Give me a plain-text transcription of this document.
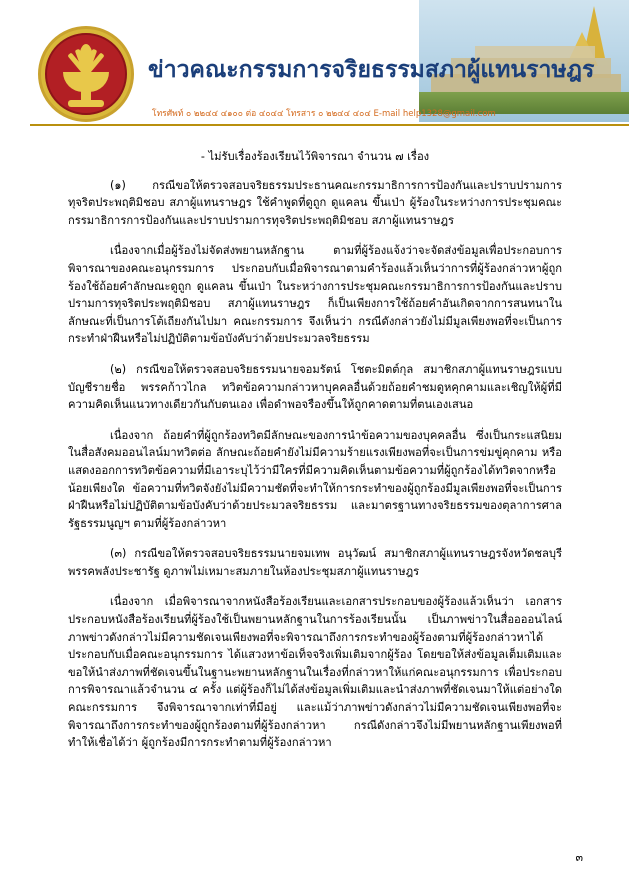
ข่าวคณะกรรมการจริยธรรมสภาผู้แทนราษฎร
โทรศัพท์ ๐ ๒๒๔๔ ๔๑๐๐ ต่อ ๔๐๔๔ โทรสาร ๐ ๒๒๔๔ ๔๐๔ E-mail help1328@gmail.com
- ไม่รับเรื่องร้องเรียนไว้พิจารณา จำนวน ๗ เรื่อง

(๑) กรณีขอให้ตรวจสอบจริยธรรมประธานคณะกรรมาธิการการป้องกันและปราบปรามการทุจริตประพฤติมิชอบ สภาผู้แทนราษฎร ใช้คำพูดที่ดูถูก ดูแคลน ขึ้นเป่า ผู้ร้องในระหว่างการประชุมคณะกรรมาธิการการป้องกันและปราบปรามการทุจริตประพฤติมิชอบ สภาผู้แทนราษฎร

เนื่องจากเมื่อผู้ร้องไม่จัดส่งพยานหลักฐาน ตามที่ผู้ร้องแจ้งว่าจะจัดส่งข้อมูลเพื่อประกอบการพิจารณาของคณะอนุกรรมการ ประกอบกับเมื่อพิจารณาตามคำร้องแล้วเห็นว่าการที่ผู้ร้องกล่าวหาผู้ถูกร้องใช้ถ้อยคำลักษณะดูถูก ดูแคลน ขึ้นเป่า ในระหว่างการประชุมคณะกรรมาธิการการป้องกันและปราบปรามการทุจริตประพฤติมิชอบ สภาผู้แทนราษฎร ก็เป็นเพียงการใช้ถ้อยคำอันเกิดจากการสนทนาในลักษณะที่เป็นการโต้เถียงกันไปมา คณะกรรมการ จึงเห็นว่า กรณีดังกล่าวยังไม่มีมูลเพียงพอที่จะเป็นการกระทำฝ่าฝืนหรือไม่ปฏิบัติตามข้อบังคับว่าด้วยประมวลจริยธรรม

(๒) กรณีขอให้ตรวจสอบจริยธรรมนายจอมรัตน์ โชตะมิตต์กุล สมาชิกสภาผู้แทนราษฎรแบบบัญชีรายชื่อ พรรคก้าวไกล ทวิตข้อความกล่าวหาบุคคลอื่นด้วยถ้อยคำชมดูหคุกคามและเชิญให้ผู้ที่มีความคิดเห็นแนวทางเดียวกันกับตนเอง เพื่อดำพอจรืองขึ้นให้ถูกคาดตามที่ตนเองเสนอ

เนื่องจาก ถ้อยคำที่ผู้ถูกร้องทวิตมีลักษณะของการนำข้อความของบุคคลอื่น ซึ่งเป็นกระแสนิยมในสื่อสังคมออนไลน์มาทวิตต่อ ลักษณะถ้อยคำยังไม่มีความร้ายแรงเพียงพอที่จะเป็นการข่มขู่คุกคาม หรือแสดงออกการทวิตข้อความที่มีเอาระบุไว้ว่ามีใครที่มีความคิดเห็นตามข้อความที่ผู้ถูกร้องได้ทวิตจากหรือน้อยเพียงใด ข้อความที่ทวิตจังยังไม่มีความชัดที่จะทำให้การกระทำของผู้ถูกร้องมีมูลเพียงพอที่จะเป็นการฝ่าฝืนหรือไม่ปฏิบัติตามข้อบังคับว่าด้วยประมวลจริยธรรม และมาตรฐานทางจริยธรรมของตุลาการศาลรัฐธรรมนูญฯ ตามที่ผู้ร้องกล่าวหา

(๓) กรณีขอให้ตรวจสอบจริยธรรมนายจมเทพ อนุวัฒน์ สมาชิกสภาผู้แทนราษฎรจังหวัดชลบุรี พรรคพลังประชารัฐ ดูภาพไม่เหมาะสมภายในห้องประชุมสภาผู้แทนราษฎร

เนื่องจาก เมื่อพิจารณาจากหนังสือร้องเรียนและเอกสารประกอบของผู้ร้องแล้วเห็นว่า เอกสารประกอบหนังสือร้องเรียนที่ผู้ร้องใช้เป็นพยานหลักฐานในการร้องเรียนนั้น เป็นภาพข่าวในสื่ออออนไลน์ ภาพข่าวดังกล่าวไม่มีความชัดเจนเพียงพอที่จะพิจารณาถึงการกระทำของผู้ร้องตามที่ผู้ร้องกล่าวหาได้ ประกอบกับเมื่อคณะอนุกรรมการ ได้แสวงหาข้อเท็จจริงเพิ่มเติมจากผู้ร้อง โดยขอให้ส่งข้อมูลเต็มเติมและขอให้นำส่งภาพที่ชัดเจนขึ้นในฐานะพยานหลักฐานในเรื่องที่กล่าวหาให้แก่คณะอนุกรรมการ เพื่อประกอบการพิจารณาแล้วจำนวน ๔ ครั้ง แต่ผู้ร้องก็ไม่ได้ส่งข้อมูลเพิ่มเติมและนำส่งภาพที่ชัดเจนมาให้แต่อย่างใด คณะกรรมการ จึงพิจารณาจากเท่าที่มีอยู่ และแม้ว่าภาพข่าวดังกล่าวไม่มีความชัดเจนเพียงพอที่จะพิจารณาถึงการกระทำของผู้ถูกร้องตามที่ผู้ร้องกล่าวหา กรณีดังกล่าวจึงไม่มีพยานหลักฐานเพียงพอที่ทำให้เชื่อได้ว่า ผู้ถูกร้องมีการกระทำตามที่ผู้ร้องกล่าวหา

๓
